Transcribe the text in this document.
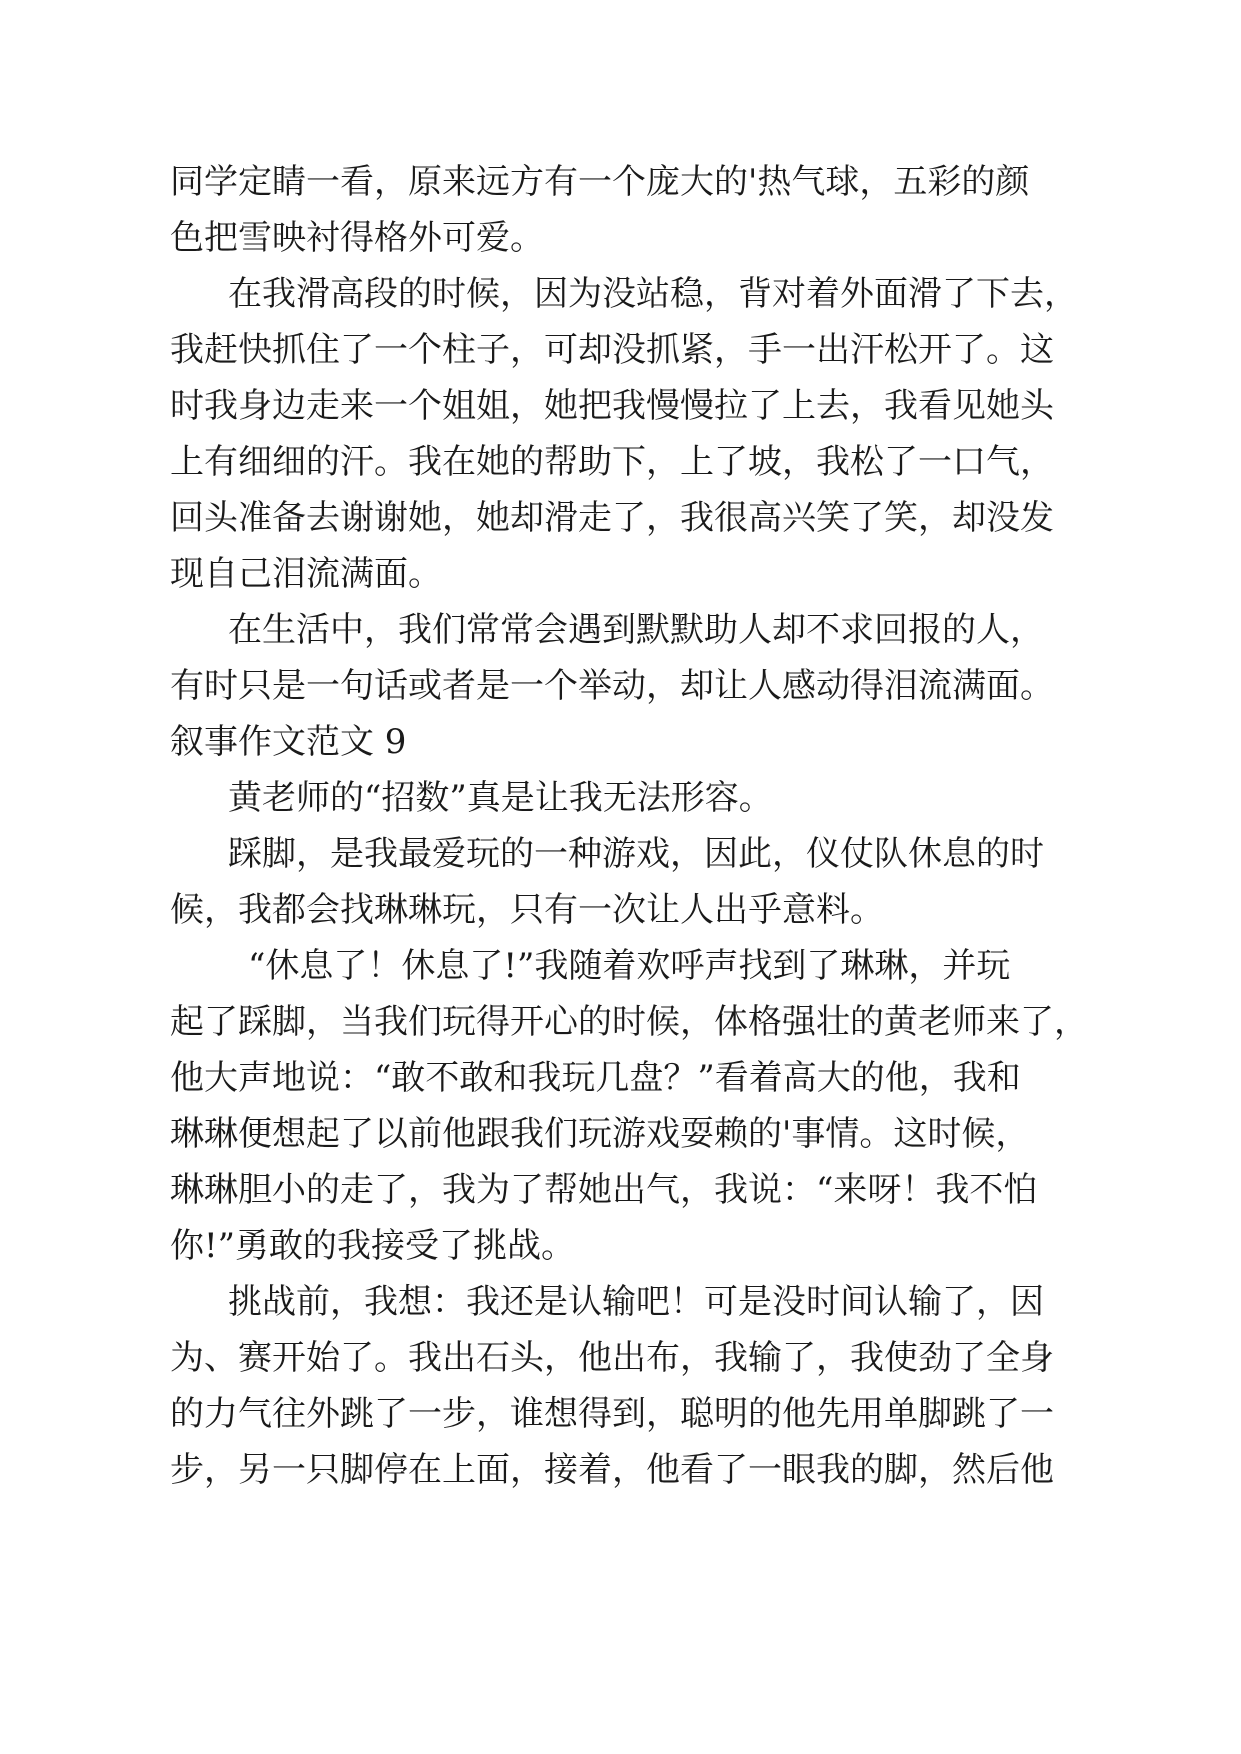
同学定睛一看，原来远方有一个庞大的'热气球，五彩的颜
色把雪映衬得格外可爱。
在我滑高段的时候，因为没站稳，背对着外面滑了下去，
我赶快抓住了一个柱子，可却没抓紧，手一出汗松开了。这
时我身边走来一个姐姐，她把我慢慢拉了上去，我看见她头
上有细细的汗。我在她的帮助下，上了坡，我松了一口气，
回头准备去谢谢她，她却滑走了，我很高兴笑了笑，却没发
现自己泪流满面。
在生活中，我们常常会遇到默默助人却不求回报的人，
有时只是一句话或者是一个举动，却让人感动得泪流满面。
叙事作文范文 9
黄老师的“招数”真是让我无法形容。
踩脚，是我最爱玩的一种游戏，因此，仪仗队休息的时
候，我都会找琳琳玩，只有一次让人出乎意料。
“休息了！休息了!”我随着欢呼声找到了琳琳，并玩
起了踩脚，当我们玩得开心的时候，体格强壮的黄老师来了，
他大声地说：“敢不敢和我玩几盘？”看着高大的他，我和
琳琳便想起了以前他跟我们玩游戏耍赖的'事情。这时候，
琳琳胆小的走了，我为了帮她出气，我说：“来呀！我不怕
你!”勇敢的我接受了挑战。
挑战前，我想：我还是认输吧！可是没时间认输了，因
为、赛开始了。我出石头，他出布，我输了，我使劲了全身
的力气往外跳了一步，谁想得到，聪明的他先用单脚跳了一
步，另一只脚停在上面，接着，他看了一眼我的脚，然后他
